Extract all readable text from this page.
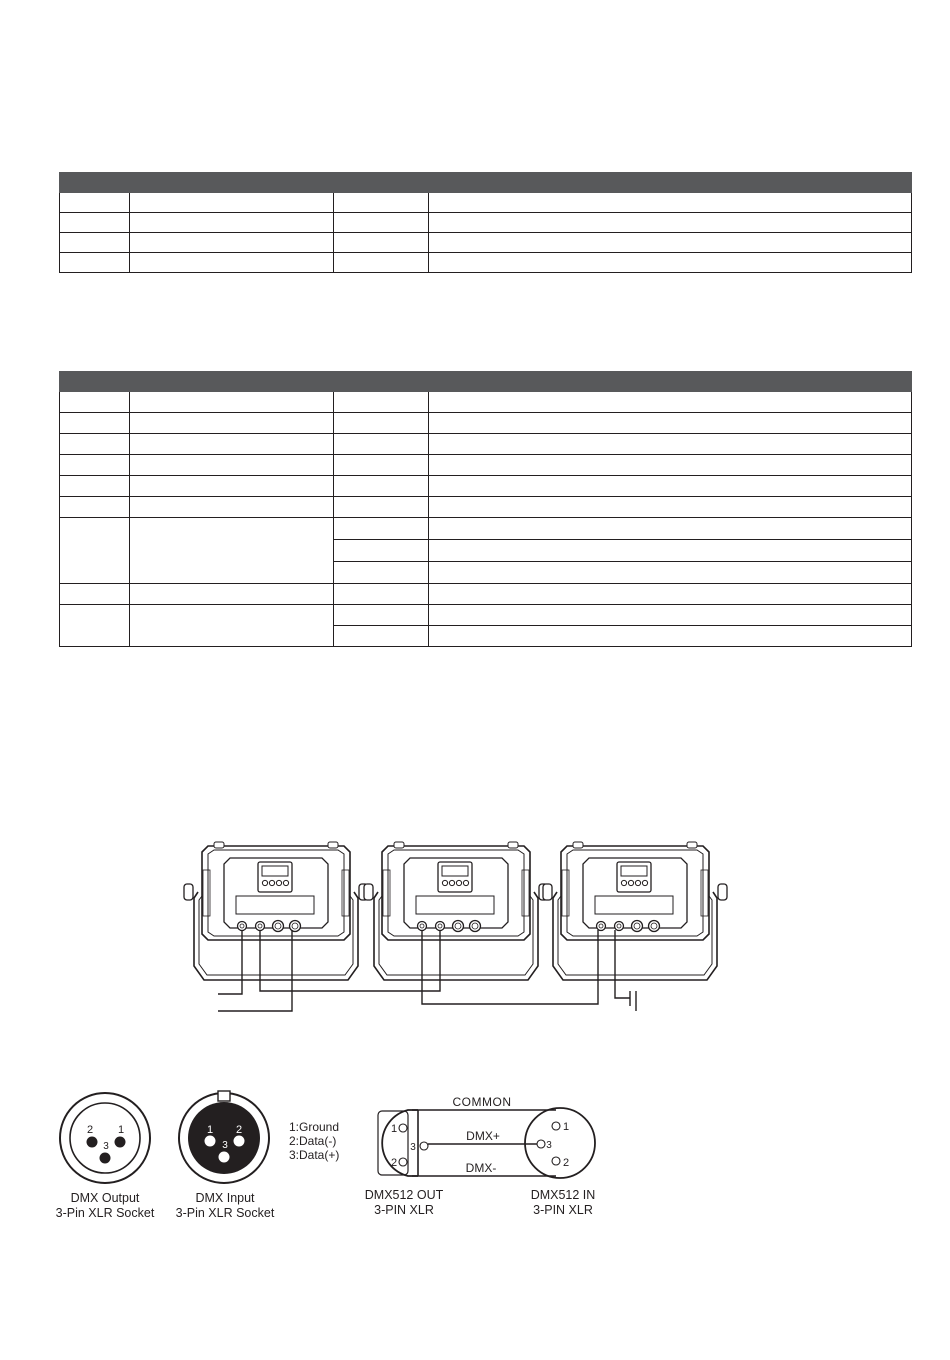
2 1
3
DMX Output
3-Pin XLR Socket
1 2
3
DMX Input
3-Pin XLR Socket
1:Ground
2:Data(-)
3:Data(+)
1
2
3
1
3
2
COMMON
DMX+
DMX-
DMX512 OUT
3-PIN XLR
DMX512 IN
3-PIN XLR
